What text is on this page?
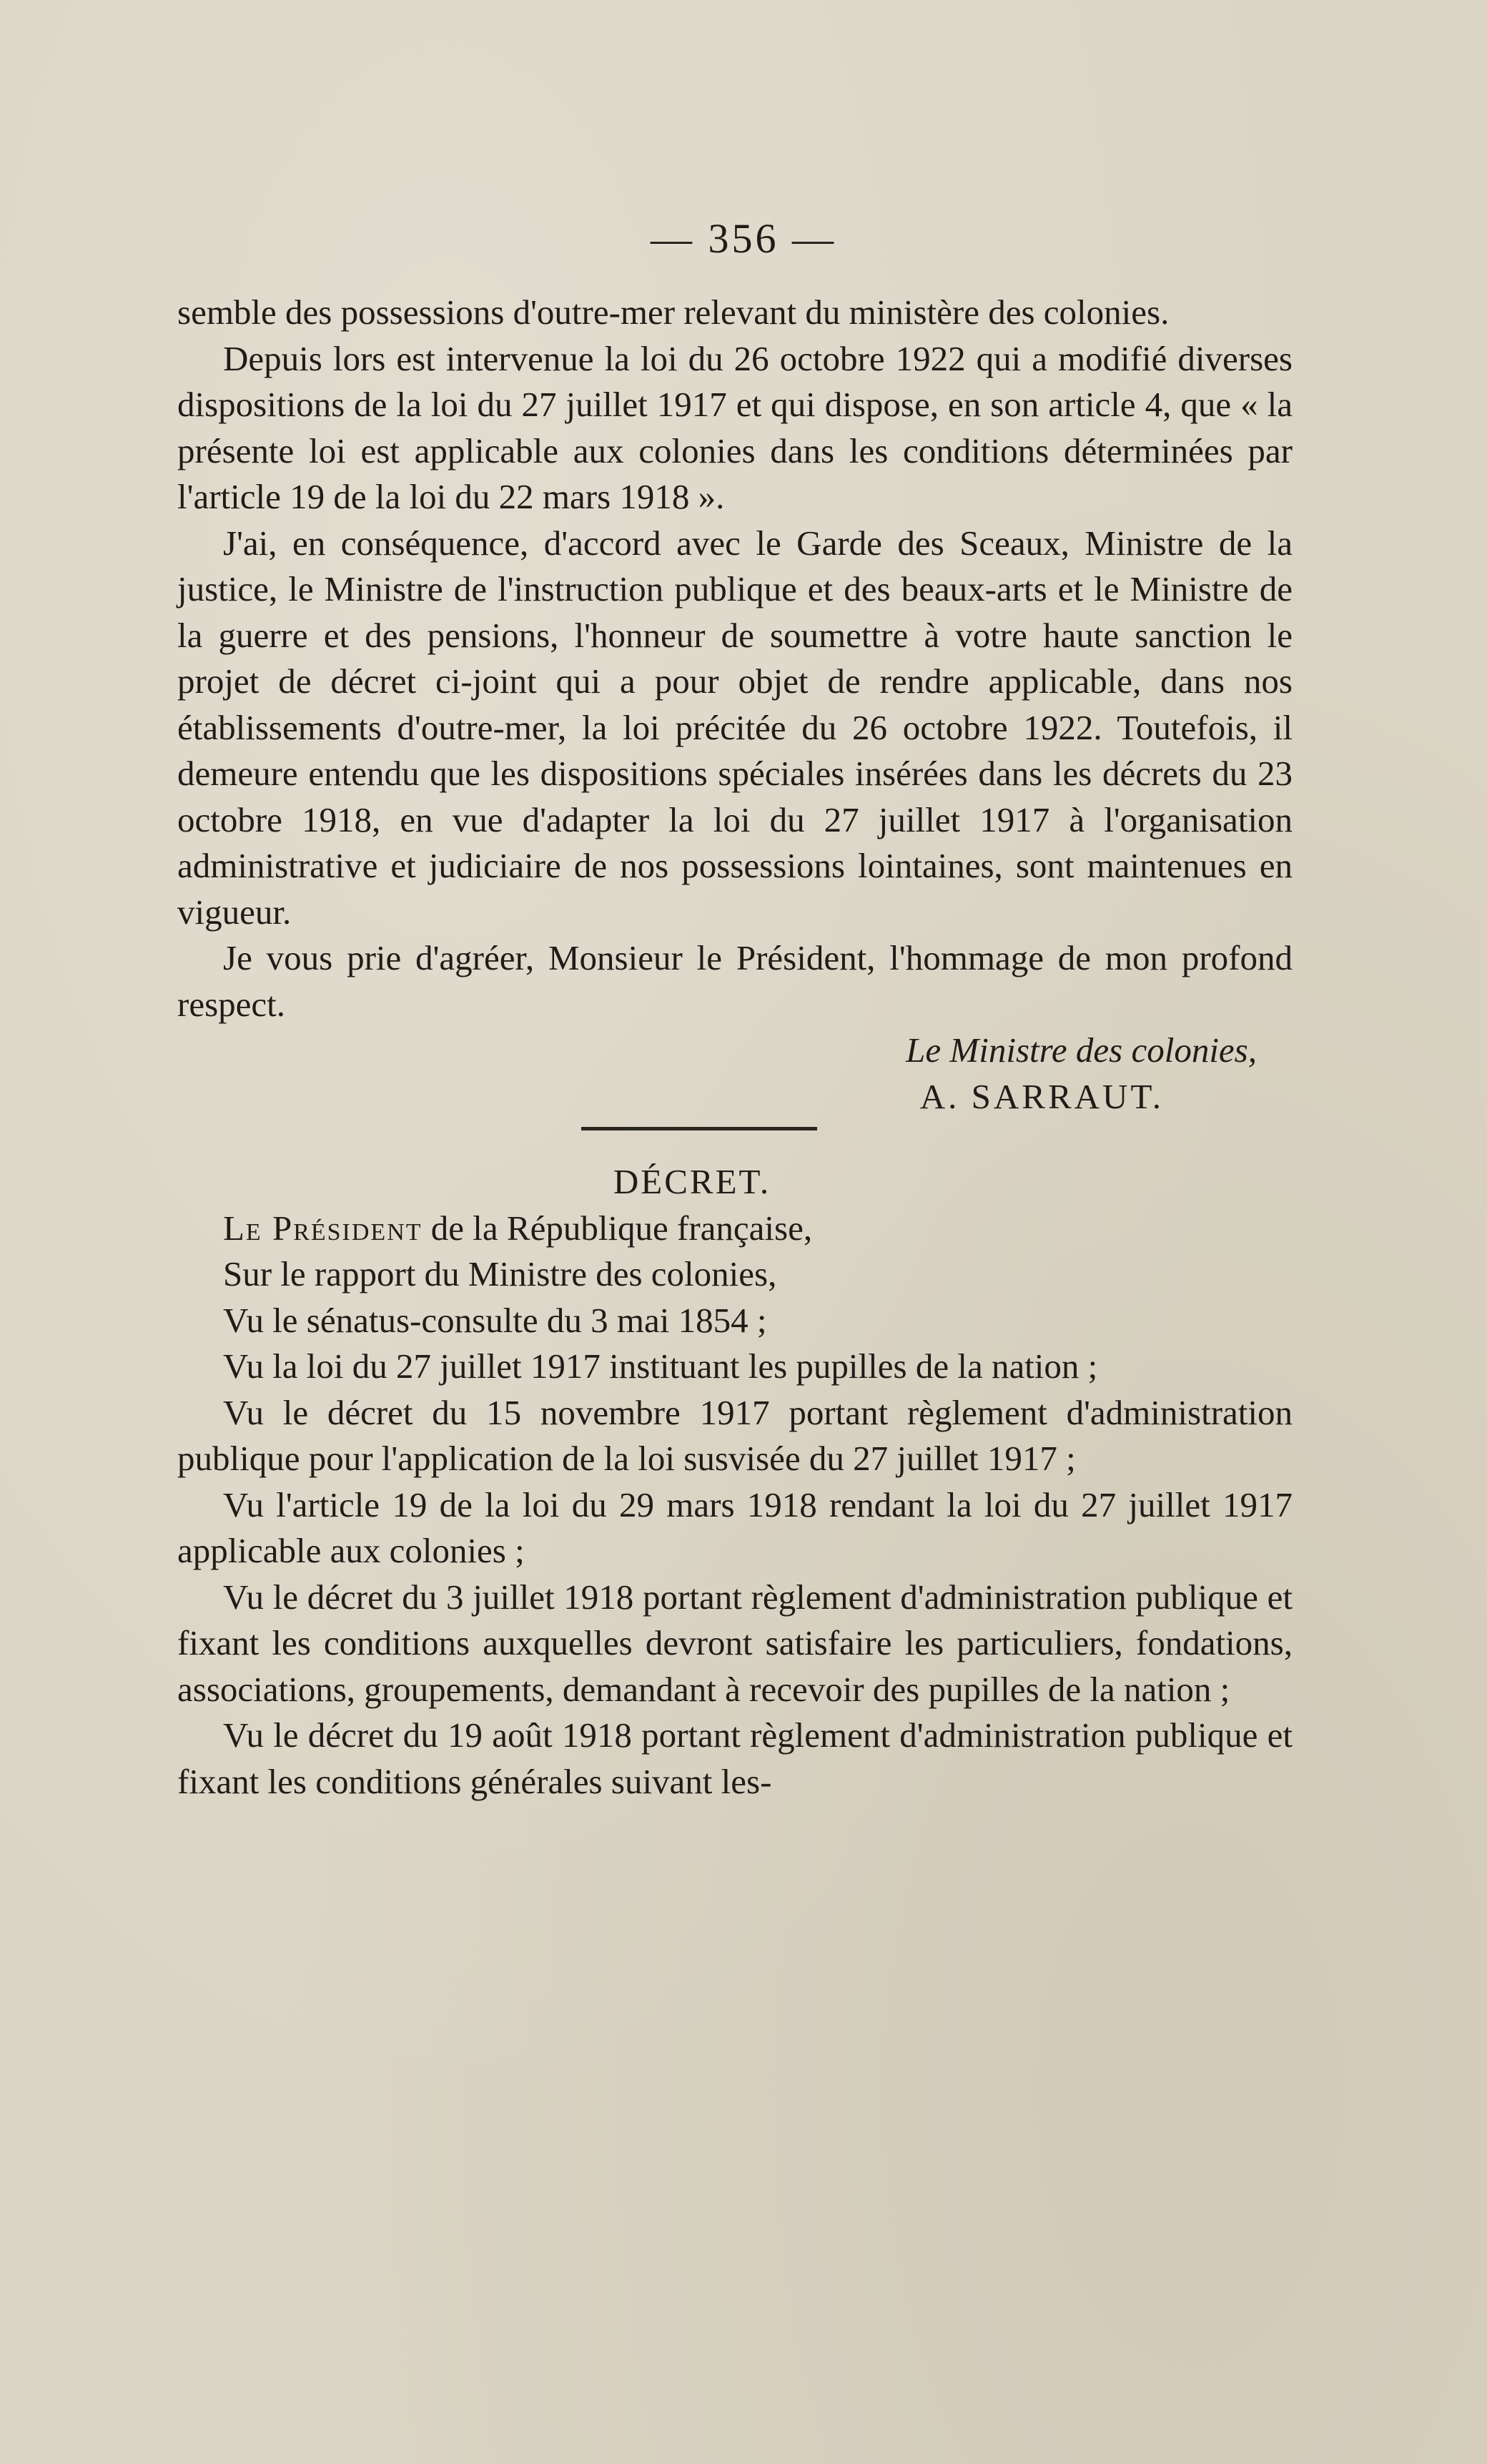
— 356 —

semble des possessions d'outre-mer relevant du ministère des colonies.

Depuis lors est intervenue la loi du 26 octobre 1922 qui a modifié diverses dispositions de la loi du 27 juillet 1917 et qui dispose, en son article 4, que « la présente loi est applicable aux colonies dans les conditions déterminées par l'article 19 de la loi du 22 mars 1918 ».

J'ai, en conséquence, d'accord avec le Garde des Sceaux, Ministre de la justice, le Ministre de l'instruction publique et des beaux-arts et le Ministre de la guerre et des pensions, l'honneur de soumettre à votre haute sanction le projet de décret ci-joint qui a pour objet de rendre applicable, dans nos établissements d'outre-mer, la loi précitée du 26 octobre 1922. Toutefois, il demeure entendu que les dispositions spéciales insérées dans les décrets du 23 octobre 1918, en vue d'adapter la loi du 27 juillet 1917 à l'organisation administrative et judiciaire de nos possessions lointaines, sont maintenues en vigueur.

Je vous prie d'agréer, Monsieur le Président, l'hommage de mon profond respect.

Le Ministre des colonies,

A. SARRAUT.

DÉCRET.

Le Président de la République française,

Sur le rapport du Ministre des colonies,

Vu le sénatus-consulte du 3 mai 1854 ;

Vu la loi du 27 juillet 1917 instituant les pupilles de la nation ;

Vu le décret du 15 novembre 1917 portant règlement d'administration publique pour l'application de la loi susvisée du 27 juillet 1917 ;

Vu l'article 19 de la loi du 29 mars 1918 rendant la loi du 27 juillet 1917 applicable aux colonies ;

Vu le décret du 3 juillet 1918 portant règlement d'administration publique et fixant les conditions auxquelles devront satisfaire les particuliers, fondations, associations, groupements, demandant à recevoir des pupilles de la nation ;

Vu le décret du 19 août 1918 portant règlement d'administration publique et fixant les conditions générales suivant les-
